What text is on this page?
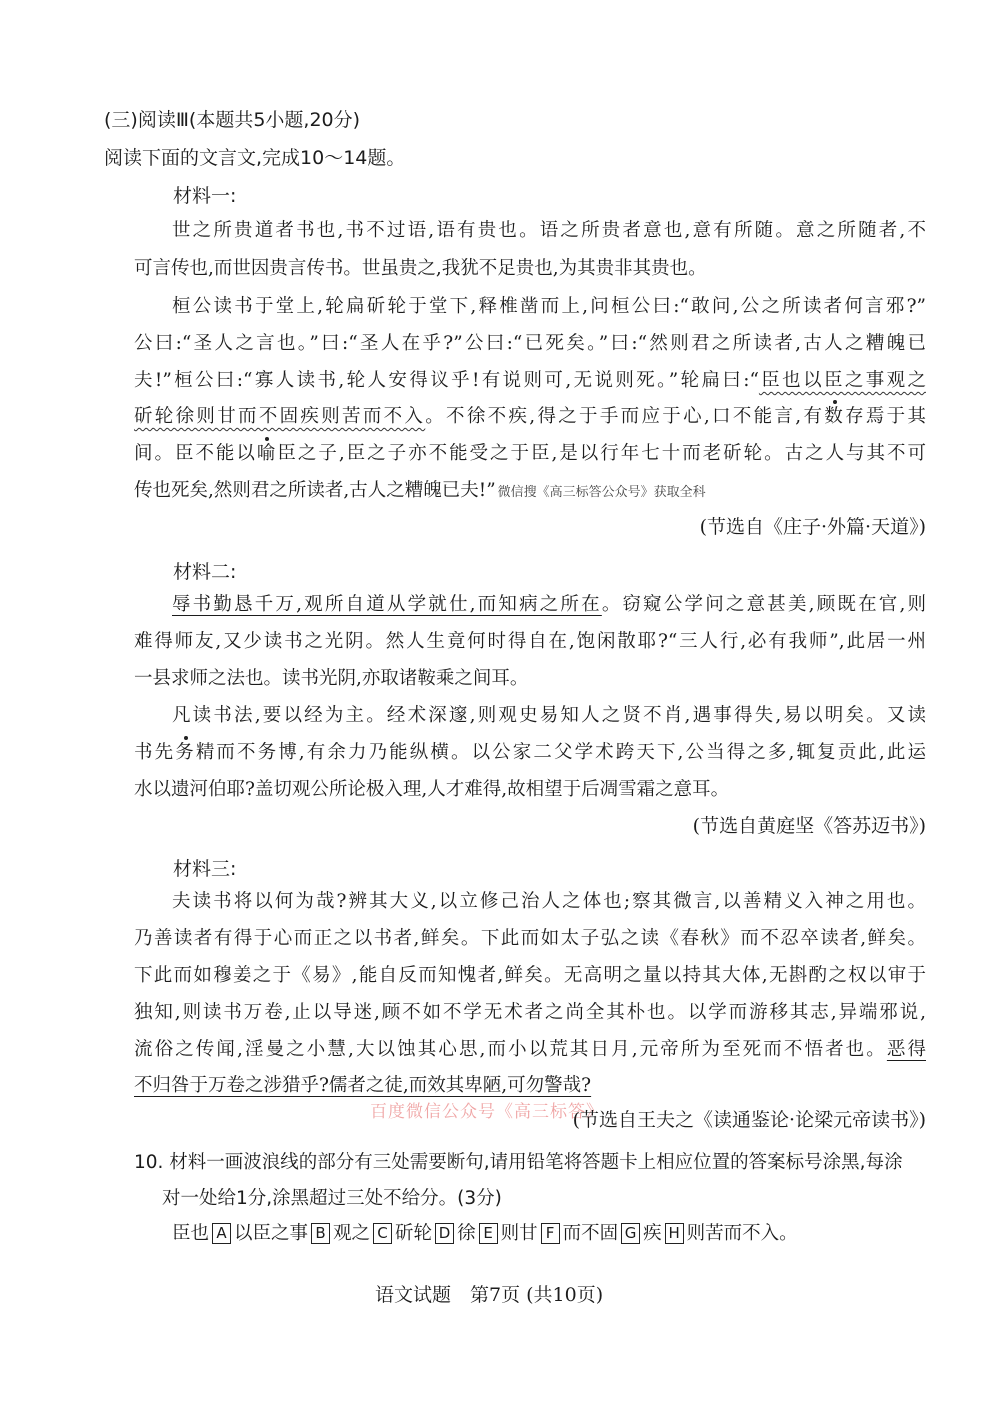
(三)阅读Ⅲ(本题共5小题,20分)
阅读下面的文言文,完成10～14题。
材料一:
世之所贵道者书也,书不过语,语有贵也。语之所贵者意也,意有所随。意之所随者,不
可言传也,而世因贵言传书。世虽贵之,我犹不足贵也,为其贵非其贵也。
桓公读书于堂上,轮扁斫轮于堂下,释椎凿而上,问桓公曰:“敢问,公之所读者何言邪?”
公曰:“圣人之言也。”曰:“圣人在乎?”公曰:“已死矣。”曰:“然则君之所读者,古人之糟魄已
夫!”桓公曰:“寡人读书,轮人安得议乎!有说则可,无说则死。”轮扁曰:“臣也以臣之事观之
斫轮徐则甘而不固疾则苦而不入。不徐不疾,得之于手而应于心,口不能言,有数存焉于其
间。臣不能以喻臣之子,臣之子亦不能受之于臣,是以行年七十而老斫轮。古之人与其不可
传也死矣,然则君之所读者,古人之糟魄已夫!” 微信搜《高三标答公众号》获取全科
(节选自《庄子·外篇·天道》)
材料二:
辱书勤恳千万,观所自道从学就仕,而知病之所在。窃窥公学问之意甚美,顾既在官,则
难得师友,又少读书之光阴。然人生竟何时得自在,饱闲散耶?“三人行,必有我师”,此居一州
一县求师之法也。读书光阴,亦取诸鞍乘之间耳。
凡读书法,要以经为主。经术深邃,则观史易知人之贤不肖,遇事得失,易以明矣。又读
书先务精而不务博,有余力乃能纵横。以公家二父学术跨天下,公当得之多,辄复贡此,此运
水以遗河伯耶?盖切观公所论极入理,人才难得,故相望于后凋雪霜之意耳。
(节选自黄庭坚《答苏迈书》)
材料三:
夫读书将以何为哉?辨其大义,以立修己治人之体也;察其微言,以善精义入神之用也。
乃善读者有得于心而正之以书者,鲜矣。下此而如太子弘之读《春秋》而不忍卒读者,鲜矣。
下此而如穆姜之于《易》,能自反而知愧者,鲜矣。无高明之量以持其大体,无斟酌之权以审于
独知,则读书万卷,止以导迷,顾不如不学无术者之尚全其朴也。以学而游移其志,异端邪说,
流俗之传闻,淫曼之小慧,大以蚀其心思,而小以荒其日月,元帝所为至死而不悟者也。恶得
不归咎于万卷之涉猎乎?儒者之徒,而效其卑陋,可勿警哉?
百度微信公众号《高三标答》
(节选自王夫之《读通鉴论·论梁元帝读书》)
10. 材料一画波浪线的部分有三处需要断句,请用铅笔将答题卡上相应位置的答案标号涂黑,每涂
对一处给1分,涂黑超过三处不给分。(3分)
臣也 A 以臣之事 B 观之 C 斫轮 D 徐 E 则甘 F 而不固 G 疾 H 则苦而不入。
语文试题　第7页 (共10页)
